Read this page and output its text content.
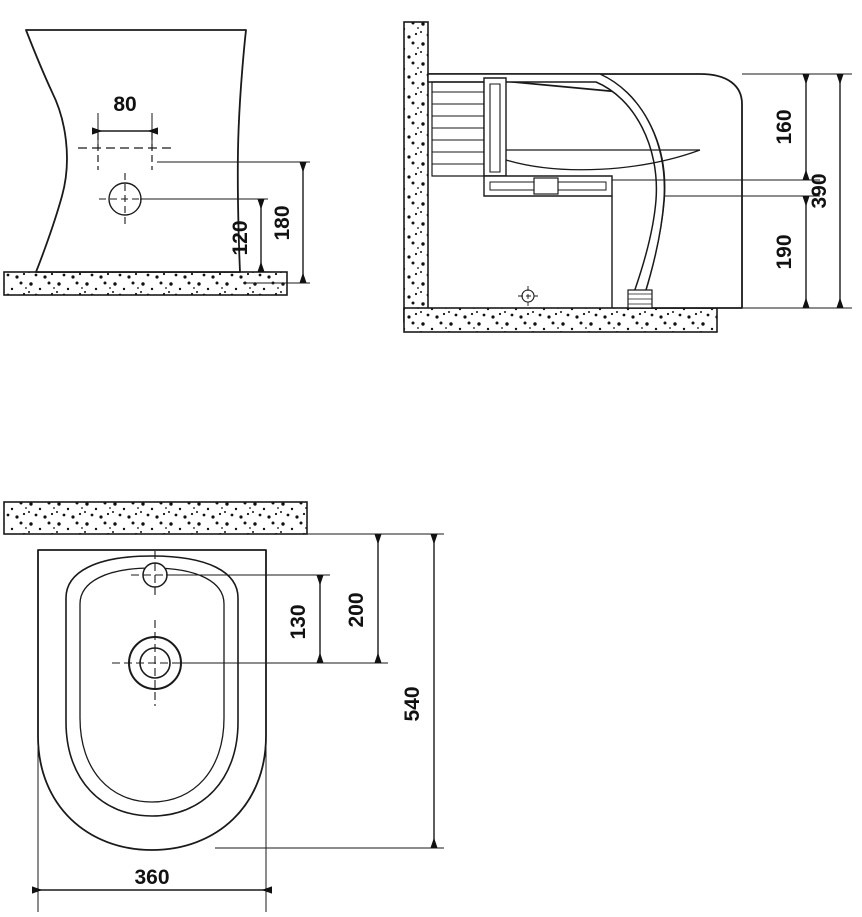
80
180
120
160
190
390
130 200
540
360
